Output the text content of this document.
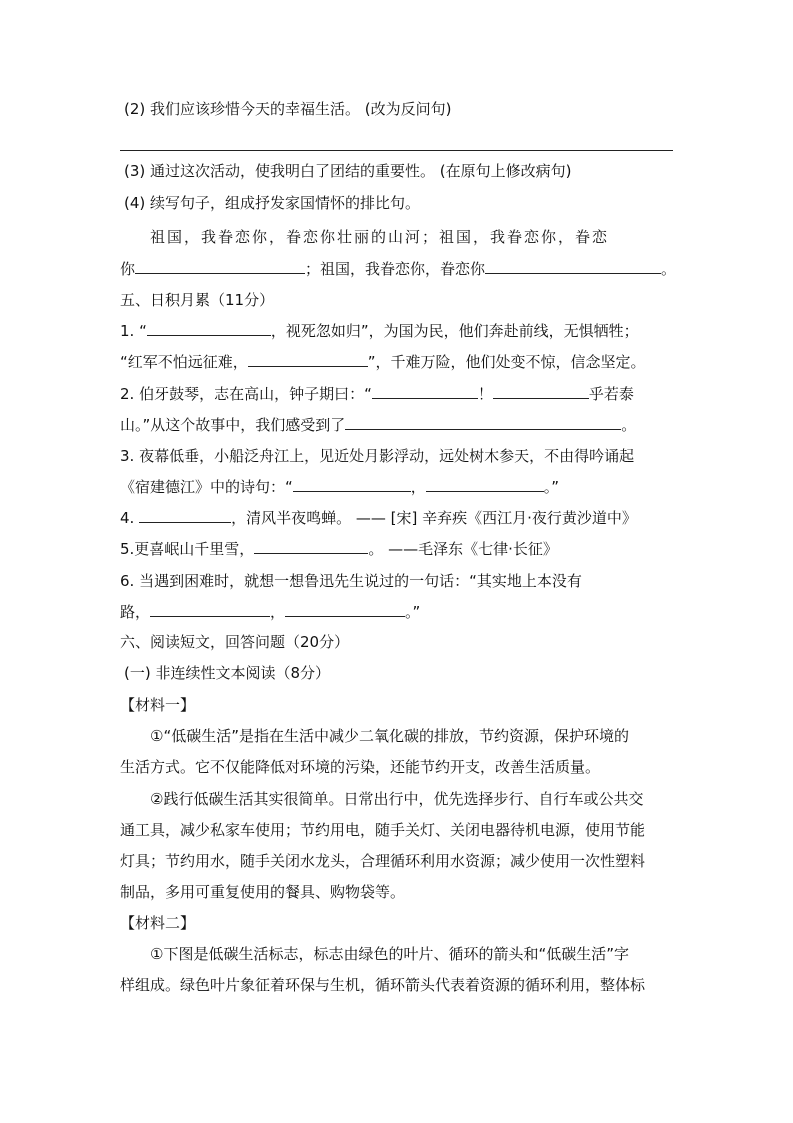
(2) 我们应该珍惜今天的幸福生活。 (改为反问句)
(3) 通过这次活动，使我明白了团结的重要性。 (在原句上修改病句)
(4) 续写句子，组成抒发家国情怀的排比句。
祖国，我眷恋你，眷恋你壮丽的山河；祖国，我眷恋你，眷恋
你	；祖国，我眷恋你，眷恋你	。
五、日积月累（11分）
1. “	，视死忽如归”，为国为民，他们奔赴前线，无惧牺牲；
“红军不怕远征难，	”，千难万险，他们处变不惊，信念坚定。
2. 伯牙鼓琴，志在高山，钟子期曰：“	！	乎若泰
山。”从这个故事中，我们感受到了	。
3. 夜幕低垂，小船泛舟江上，见近处月影浮动，远处树木参天，不由得吟诵起
《宿建德江》中的诗句：“	，	。”
4.	，清风半夜鸣蝉。 —— [宋] 辛弃疾《西江月·夜行黄沙道中》
5.更喜岷山千里雪，	。 ——毛泽东《七律·长征》
6. 当遇到困难时，就想一想鲁迅先生说过的一句话：“其实地上本没有
路，	，	。”
六、阅读短文，回答问题（20分）
(一) 非连续性文本阅读（8分）
【材料一】
①“低碳生活”是指在生活中减少二氧化碳的排放，节约资源，保护环境的
生活方式。它不仅能降低对环境的污染，还能节约开支，改善生活质量。
②践行低碳生活其实很简单。日常出行中，优先选择步行、自行车或公共交
通工具，减少私家车使用；节约用电，随手关灯、关闭电器待机电源，使用节能
灯具；节约用水，随手关闭水龙头，合理循环利用水资源；减少使用一次性塑料
制品，多用可重复使用的餐具、购物袋等。
【材料二】
①下图是低碳生活标志，标志由绿色的叶片、循环的箭头和“低碳生活”字
样组成。绿色叶片象征着环保与生机，循环箭头代表着资源的循环利用，整体标
